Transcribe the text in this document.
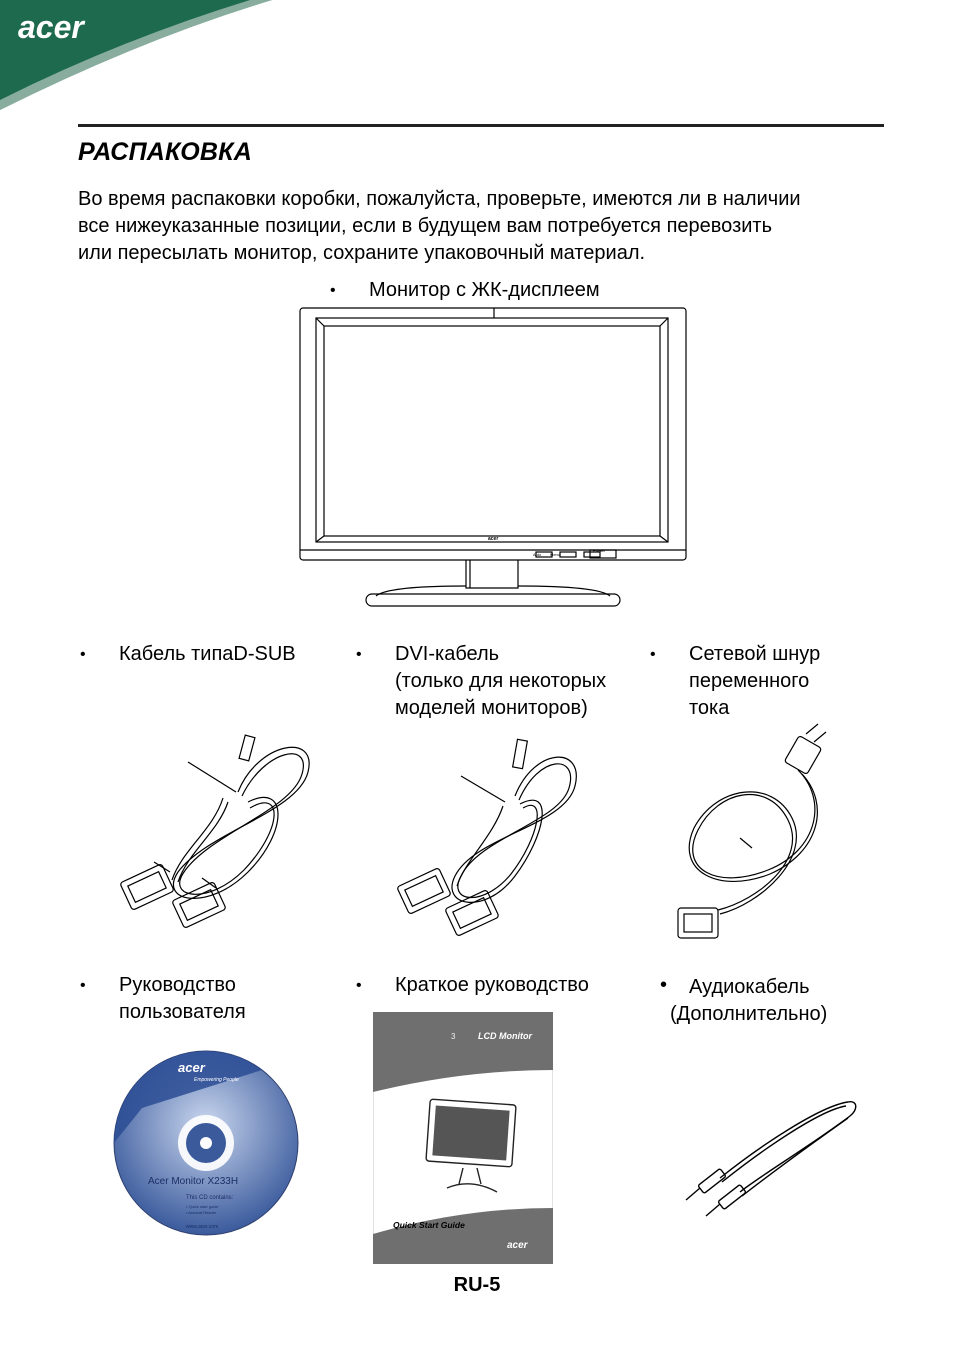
acer
РАСПАКОВКА

Во время распаковки коробки, пожалуйста, проверьте, имеются ли в наличии

все нижеуказанные позиции, если в будущем вам потребуется перевозить

или пересылать монитор, сохраните упаковочный материал.

• Монитор с ЖК-дисплеем
acer
Auto Menu
Power
• Кабель типаD-SUB	• DVI-кабель
(только для некоторых
моделей мониторов)
• Сетевой шнур
переменного
тока
• Руководство
пользователя
• Краткое руководство	• Аудиокабель
(Дополнительно)
acer
Empowering People
Acer Monitor X233H
This CD contains:
• Quick start guide
• Acrobat Reader
www.acer.com
3	LCD Monitor
Quick Start Guide
acer
RU-5
